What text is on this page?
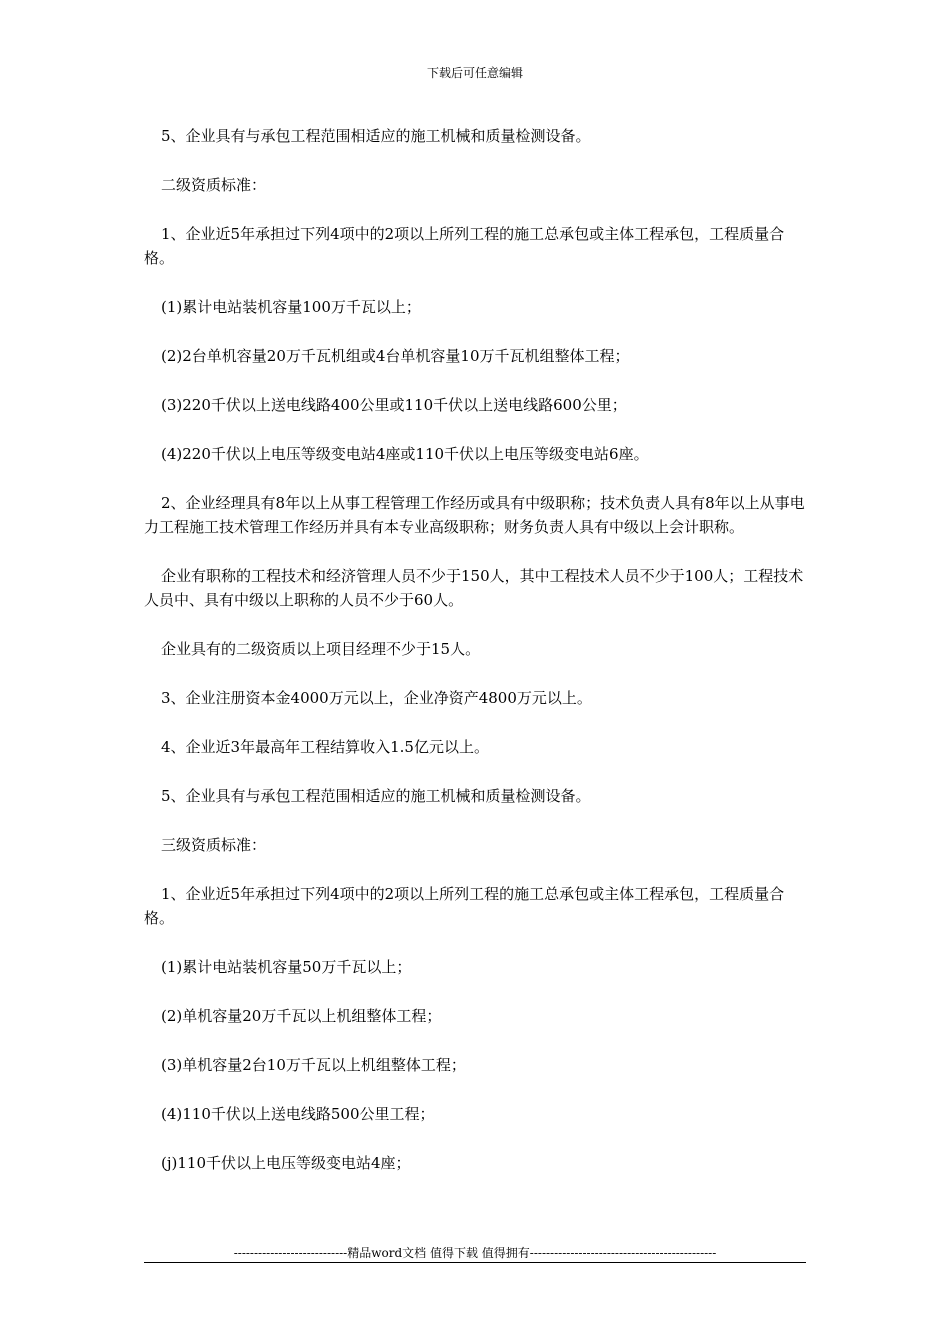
下载后可任意编辑

5、企业具有与承包工程范围相适应的施工机械和质量检测设备。

二级资质标准：

1、企业近5年承担过下列4项中的2项以上所列工程的施工总承包或主体工程承包，工程质量合格。

(1)累计电站装机容量100万千瓦以上；

(2)2台单机容量20万千瓦机组或4台单机容量10万千瓦机组整体工程；

(3)220千伏以上送电线路400公里或110千伏以上送电线路600公里；

(4)220千伏以上电压等级变电站4座或110千伏以上电压等级变电站6座。

2、企业经理具有8年以上从事工程管理工作经历或具有中级职称；技术负责人具有8年以上从事电力工程施工技术管理工作经历并具有本专业高级职称；财务负责人具有中级以上会计职称。

企业有职称的工程技术和经济管理人员不少于150人，其中工程技术人员不少于100人；工程技术人员中、具有中级以上职称的人员不少于60人。

企业具有的二级资质以上项目经理不少于15人。

3、企业注册资本金4000万元以上，企业净资产4800万元以上。

4、企业近3年最高年工程结算收入1.5亿元以上。

5、企业具有与承包工程范围相适应的施工机械和质量检测设备。

三级资质标准：

1、企业近5年承担过下列4项中的2项以上所列工程的施工总承包或主体工程承包，工程质量合格。

(1)累计电站装机容量50万千瓦以上；

(2)单机容量20万千瓦以上机组整体工程；

(3)单机容量2台10万千瓦以上机组整体工程；

(4)110千伏以上送电线路500公里工程；

(j)110千伏以上电压等级变电站4座；

----------------------------精品word文档 值得下载 值得拥有----------------------------------------------
